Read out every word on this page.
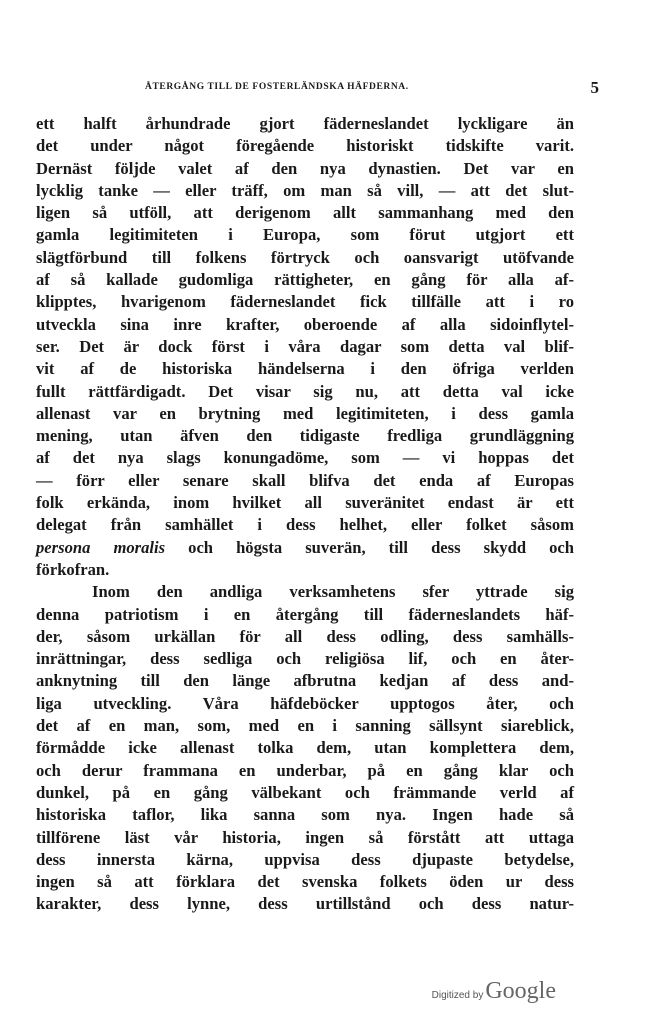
ÅTERGÅNG TILL DE FOSTERLÄNDSKA HÄFDERNA.	5
ett halft århundrade gjort fäderneslandet lyckligare än
det under något föregående historiskt tidskifte varit.
Dernäst följde valet af den nya dynastien. Det var en
lycklig tanke — eller träff, om man så vill, — att det slut-
ligen så utföll, att derigenom allt sammanhang med den
gamla legitimiteten i Europa, som förut utgjort ett
slägtförbund till folkens förtryck och oansvarigt utöfvande
af så kallade gudomliga rättigheter, en gång för alla af-
klipptes, hvarigenom fäderneslandet fick tillfälle att i ro
utveckla sina inre krafter, oberoende af alla sidoinflytel-
ser. Det är dock först i våra dagar som detta val blif-
vit af de historiska händelserna i den öfriga verlden
fullt rättfärdigadt. Det visar sig nu, att detta val icke
allenast var en brytning med legitimiteten, i dess gamla
mening, utan äfven den tidigaste fredliga grundläggning
af det nya slags konungadöme, som — vi hoppas det
— förr eller senare skall blifva det enda af Europas
folk erkända, inom hvilket all suveränitet endast är ett
delegat från samhället i dess helhet, eller folket såsom
persona moralis och högsta suverän, till dess skydd och
förkofran.
Inom den andliga verksamhetens sfer yttrade sig
denna patriotism i en återgång till fäderneslandets häf-
der, såsom urkällan för all dess odling, dess samhälls-
inrättningar, dess sedliga och religiösa lif, och en åter-
anknytning till den länge afbrutna kedjan af dess and-
liga utveckling. Våra häfdeböcker upptogos åter, och
det af en man, som, med en i sanning sällsynt siareblick,
förmådde icke allenast tolka dem, utan komplettera dem,
och derur frammana en underbar, på en gång klar och
dunkel, på en gång välbekant och främmande verld af
historiska taflor, lika sanna som nya. Ingen hade så
tillförene läst vår historia, ingen så förstått att uttaga
dess innersta kärna, uppvisa dess djupaste betydelse,
ingen så att förklara det svenska folkets öden ur dess
karakter, dess lynne, dess urtillstånd och dess natur-
Digitized by Google
